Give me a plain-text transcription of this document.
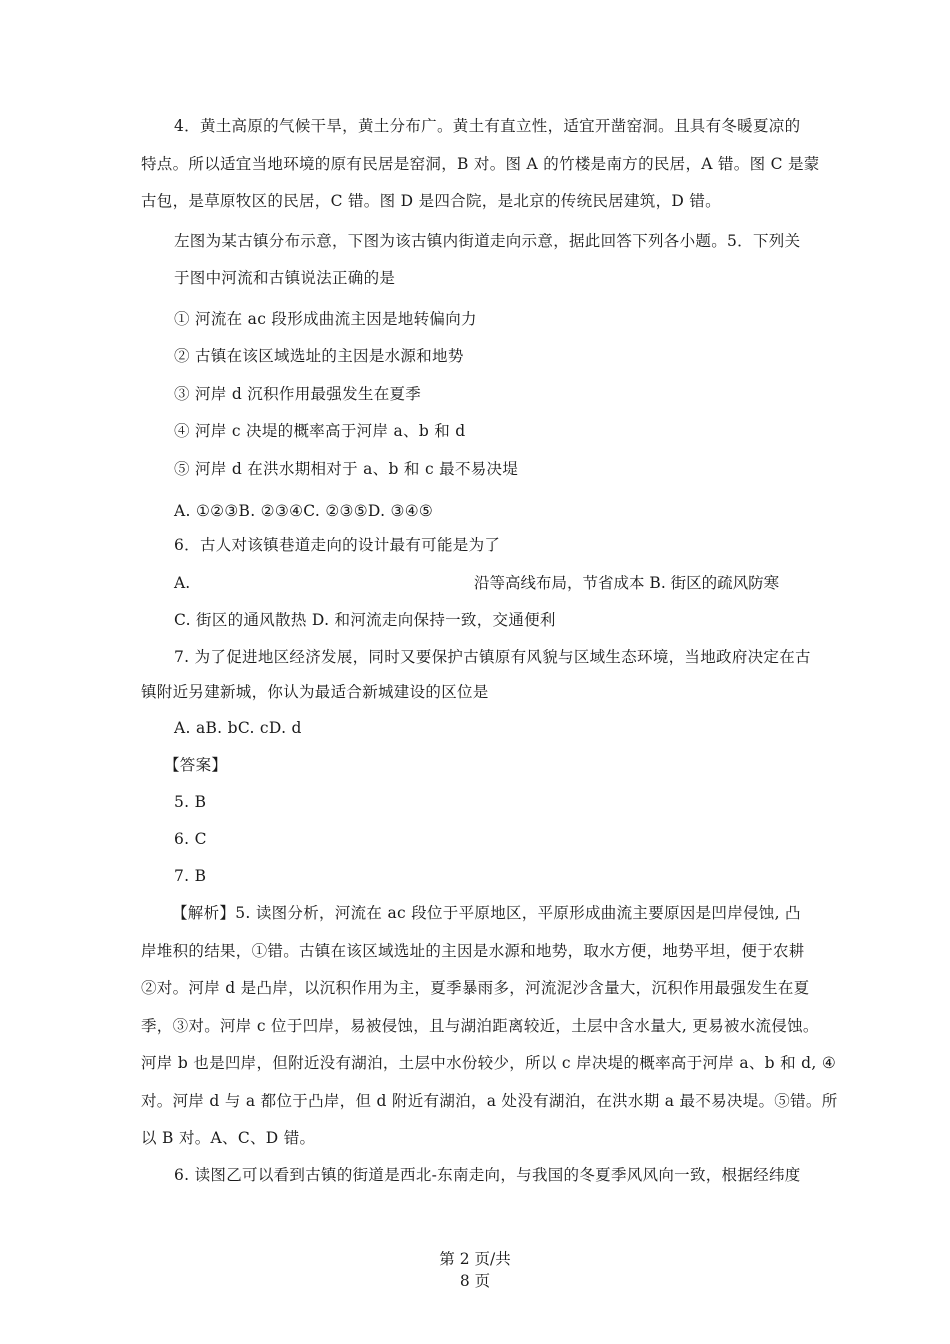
4．黄土高原的气候干旱，黄土分布广。黄土有直立性，适宜开凿窑洞。且具有冬暖夏凉的
特点。所以适宜当地环境的原有民居是窑洞，B 对。图 A 的竹楼是南方的民居，A 错。图 C 是蒙
古包，是草原牧区的民居，C 错。图 D 是四合院，是北京的传统民居建筑，D 错。
左图为某古镇分布示意，下图为该古镇内街道走向示意，据此回答下列各小题。5．下列关
于图中河流和古镇说法正确的是
① 河流在 ac 段形成曲流主因是地转偏向力
② 古镇在该区域选址的主因是水源和地势
③ 河岸 d 沉积作用最强发生在夏季
④ 河岸 c 决堤的概率高于河岸 a、b 和 d
⑤ 河岸 d 在洪水期相对于 a、b 和 c 最不易决堤
A. ①②③B. ②③④C. ②③⑤D. ③④⑤
6．古人对该镇巷道走向的设计最有可能是为了
A.	沿等高线布局，节省成本 B. 街区的疏风防寒
C. 街区的通风散热 D. 和河流走向保持一致，交通便利
7. 为了促进地区经济发展，同时又要保护古镇原有风貌与区域生态环境，当地政府决定在古
镇附近另建新城，你认为最适合新城建设的区位是
A. aB. bC. cD. d
【答案】
5. B
6. C
7. B
【解析】5. 读图分析，河流在 ac 段位于平原地区，平原形成曲流主要原因是凹岸侵蚀, 凸
岸堆积的结果，①错。古镇在该区域选址的主因是水源和地势，取水方便，地势平坦，便于农耕
②对。河岸 d 是凸岸，以沉积作用为主，夏季暴雨多，河流泥沙含量大，沉积作用最强发生在夏
季，③对。河岸 c 位于凹岸，易被侵蚀，且与湖泊距离较近，土层中含水量大, 更易被水流侵蚀。
河岸 b 也是凹岸，但附近没有湖泊，土层中水份较少，所以 c 岸决堤的概率高于河岸 a、b 和 d, ④
对。河岸 d 与 a 都位于凸岸，但 d 附近有湖泊，a 处没有湖泊，在洪水期 a 最不易决堤。⑤错。所
以 B 对。A、C、D 错。
6. 读图乙可以看到古镇的街道是西北-东南走向，与我国的冬夏季风风向一致，根据经纬度
第 2 页/共
8 页
